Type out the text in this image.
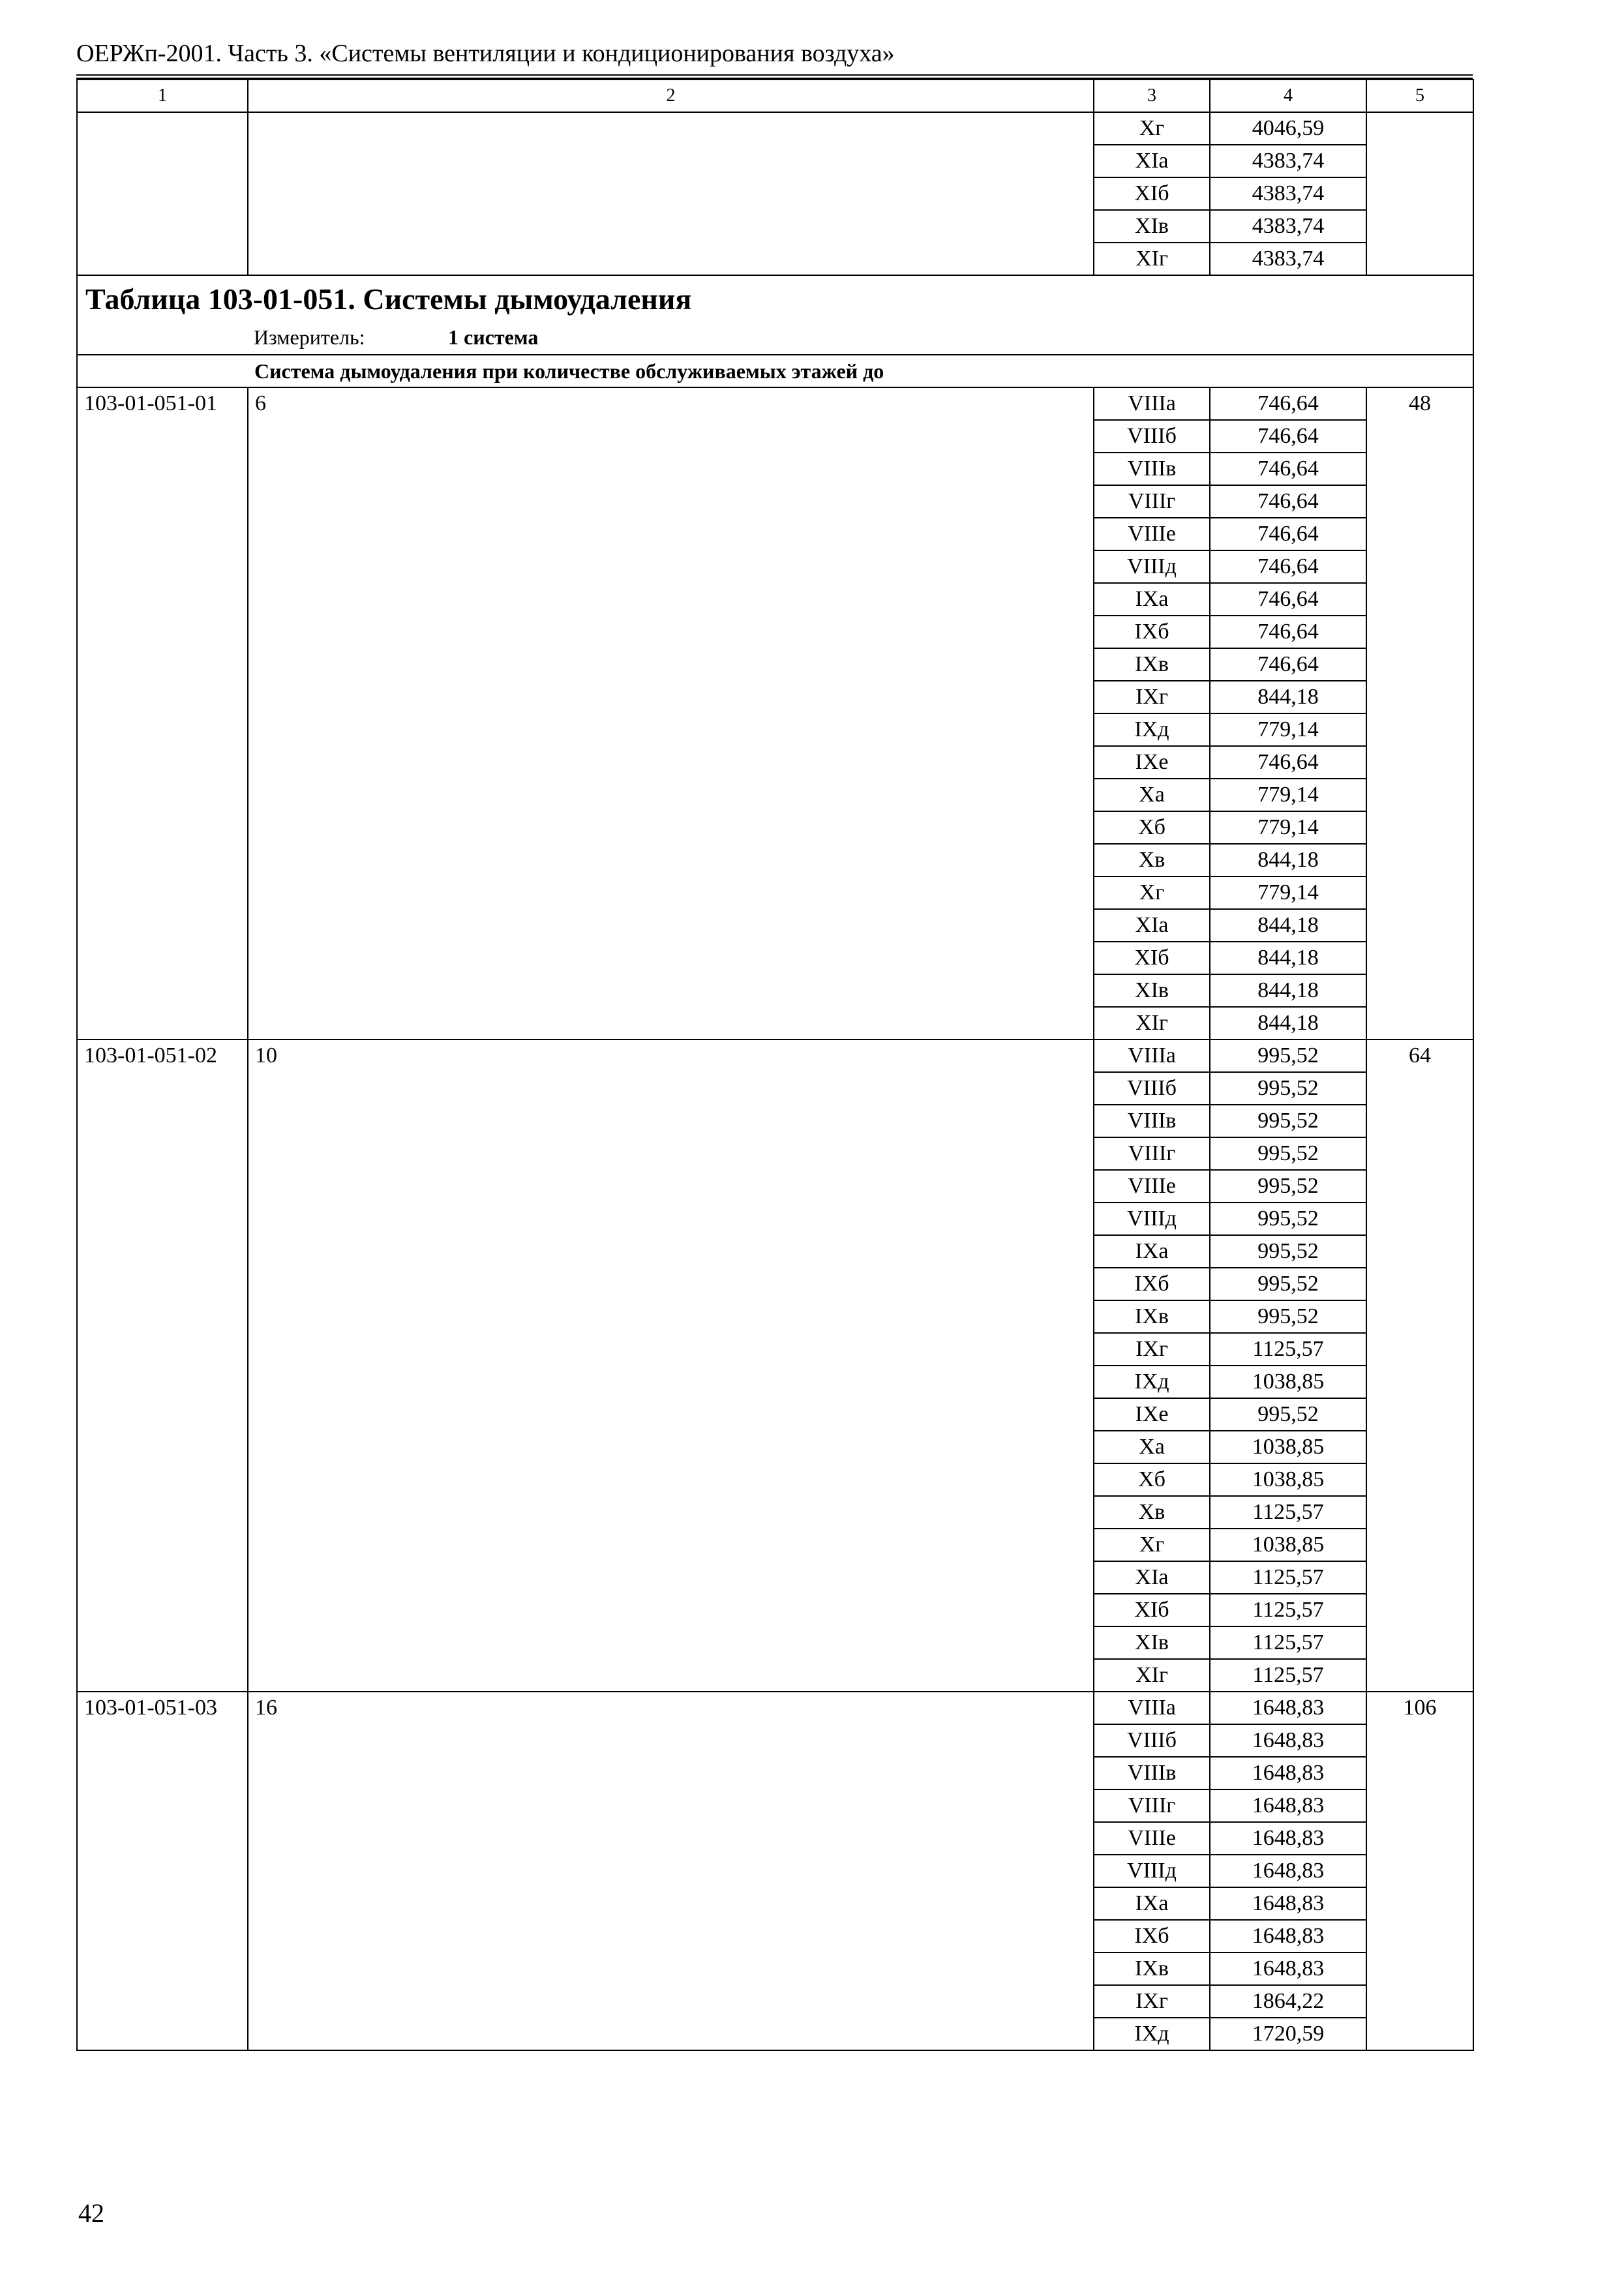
ОЕРЖп-2001. Часть 3. «Системы вентиляции и кондиционирования воздуха»
1	2	3	4	5
		Xг	4046,59	
		XIа	4383,74	
		XIб	4383,74	
		XIв	4383,74	
		XIг	4383,74	

Таблица 103-01-051. Системы дымоудаления
Измеритель: 1 система				

Система дымоудаления при количестве обслуживаемых этажей до				

103-01-051-01	6	VIIIа	746,64	48
		VIIIб	746,64	
		VIIIв	746,64	
		VIIIг	746,64	
		VIIIе	746,64	
		VIIIд	746,64	
		IXа	746,64	
		IXб	746,64	
		IXв	746,64	
		IXг	844,18	
		IXд	779,14	
		IXе	746,64	
		Xа	779,14	
		Xб	779,14	
		Xв	844,18	
		Xг	779,14	
		XIа	844,18	
		XIб	844,18	
		XIв	844,18	
		XIг	844,18	
103-01-051-02	10	VIIIа	995,52	64
		VIIIб	995,52	
		VIIIв	995,52	
		VIIIг	995,52	
		VIIIе	995,52	
		VIIIд	995,52	
		IXа	995,52	
		IXб	995,52	
		IXв	995,52	
		IXг	1125,57	
		IXд	1038,85	
		IXе	995,52	
		Xа	1038,85	
		Xб	1038,85	
		Xв	1125,57	
		Xг	1038,85	
		XIа	1125,57	
		XIб	1125,57	
		XIв	1125,57	
		XIг	1125,57	
103-01-051-03	16	VIIIа	1648,83	106
		VIIIб	1648,83	
		VIIIв	1648,83	
		VIIIг	1648,83	
		VIIIе	1648,83	
		VIIIд	1648,83	
		IXа	1648,83	
		IXб	1648,83	
		IXв	1648,83	
		IXг	1864,22	
		IXд	1720,59	
42
